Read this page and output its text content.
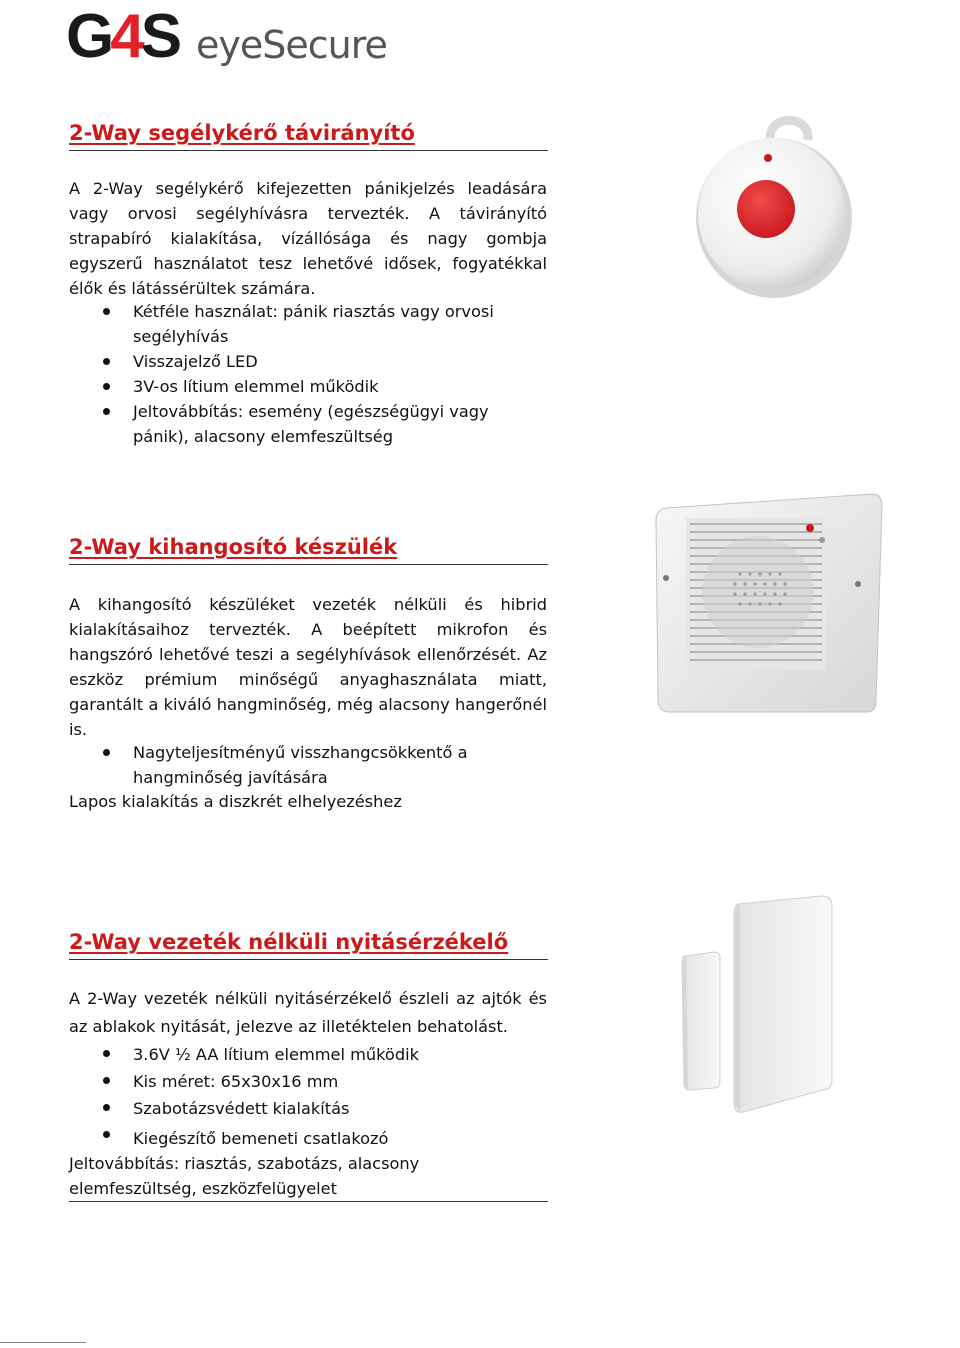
G4S eyeSecure
2-Way segélykérő távirányító
A 2-Way segélykérő kifejezetten pánikjelzés leadására vagy orvosi segélyhívásra tervezték. A távirányító strapabíró kialakítása, vízállósága és nagy gombja egyszerű használatot tesz lehetővé idősek, fogyatékkal élők és látássérültek számára.
Kétféle használat: pánik riasztás vagy orvosi segélyhívás
Visszajelző LED
3V-os lítium elemmel működik
Jeltovábbítás: esemény (egészségügyi vagy pánik), alacsony elemfeszültség
2-Way kihangosító készülék
A kihangosító készüléket vezeték nélküli és hibrid kialakításaihoz tervezték. A beépített mikrofon és hangszóró lehetővé teszi a segélyhívások ellenőrzését. Az eszköz prémium minőségű anyaghasználata miatt, garantált a kiváló hangminőség, még alacsony hangerőnél is.
Nagyteljesítményű visszhangcsökkentő a hangminőség javítására
Lapos kialakítás a diszkrét elhelyezéshez
2-Way vezeték nélküli nyitásérzékelő
A 2-Way vezeték nélküli nyitásérzékelő észleli az ajtók és az ablakok nyitását, jelezve az illetéktelen behatolást.
3.6V ½ AA lítium elemmel működik
Kis méret: 65x30x16 mm
Szabotázsvédett kialakítás
Kiegészítő bemeneti csatlakozó
Jeltovábbítás: riasztás, szabotázs, alacsony elemfeszültség, eszközfelügyelet
